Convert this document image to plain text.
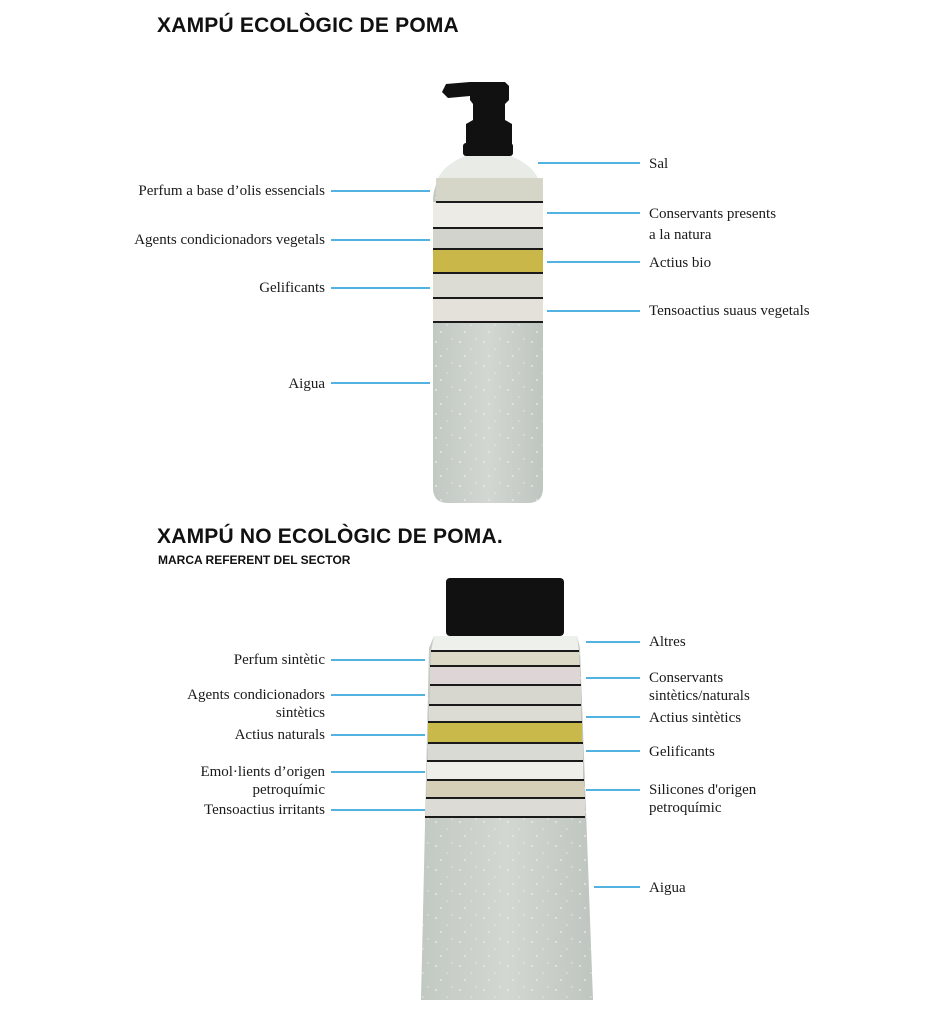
XAMPÚ ECOLÒGIC DE POMA
XAMPÚ NO ECOLÒGIC DE POMA.
MARCA REFERENT DEL SECTOR
Perfum a base d’olis essencials
Agents condicionadors vegetals
Gelificants
Aigua
Sal
Conservants presents
a la natura
Actius bio
Tensoactius suaus vegetals
Perfum sintètic
Agents condicionadors
sintètics
Actius naturals
Emol·lients d’origen
petroquímic
Tensoactius irritants
Altres
Conservants
sintètics/naturals
Actius sintètics
Gelificants
Silicones d'origen
petroquímic
Aigua
